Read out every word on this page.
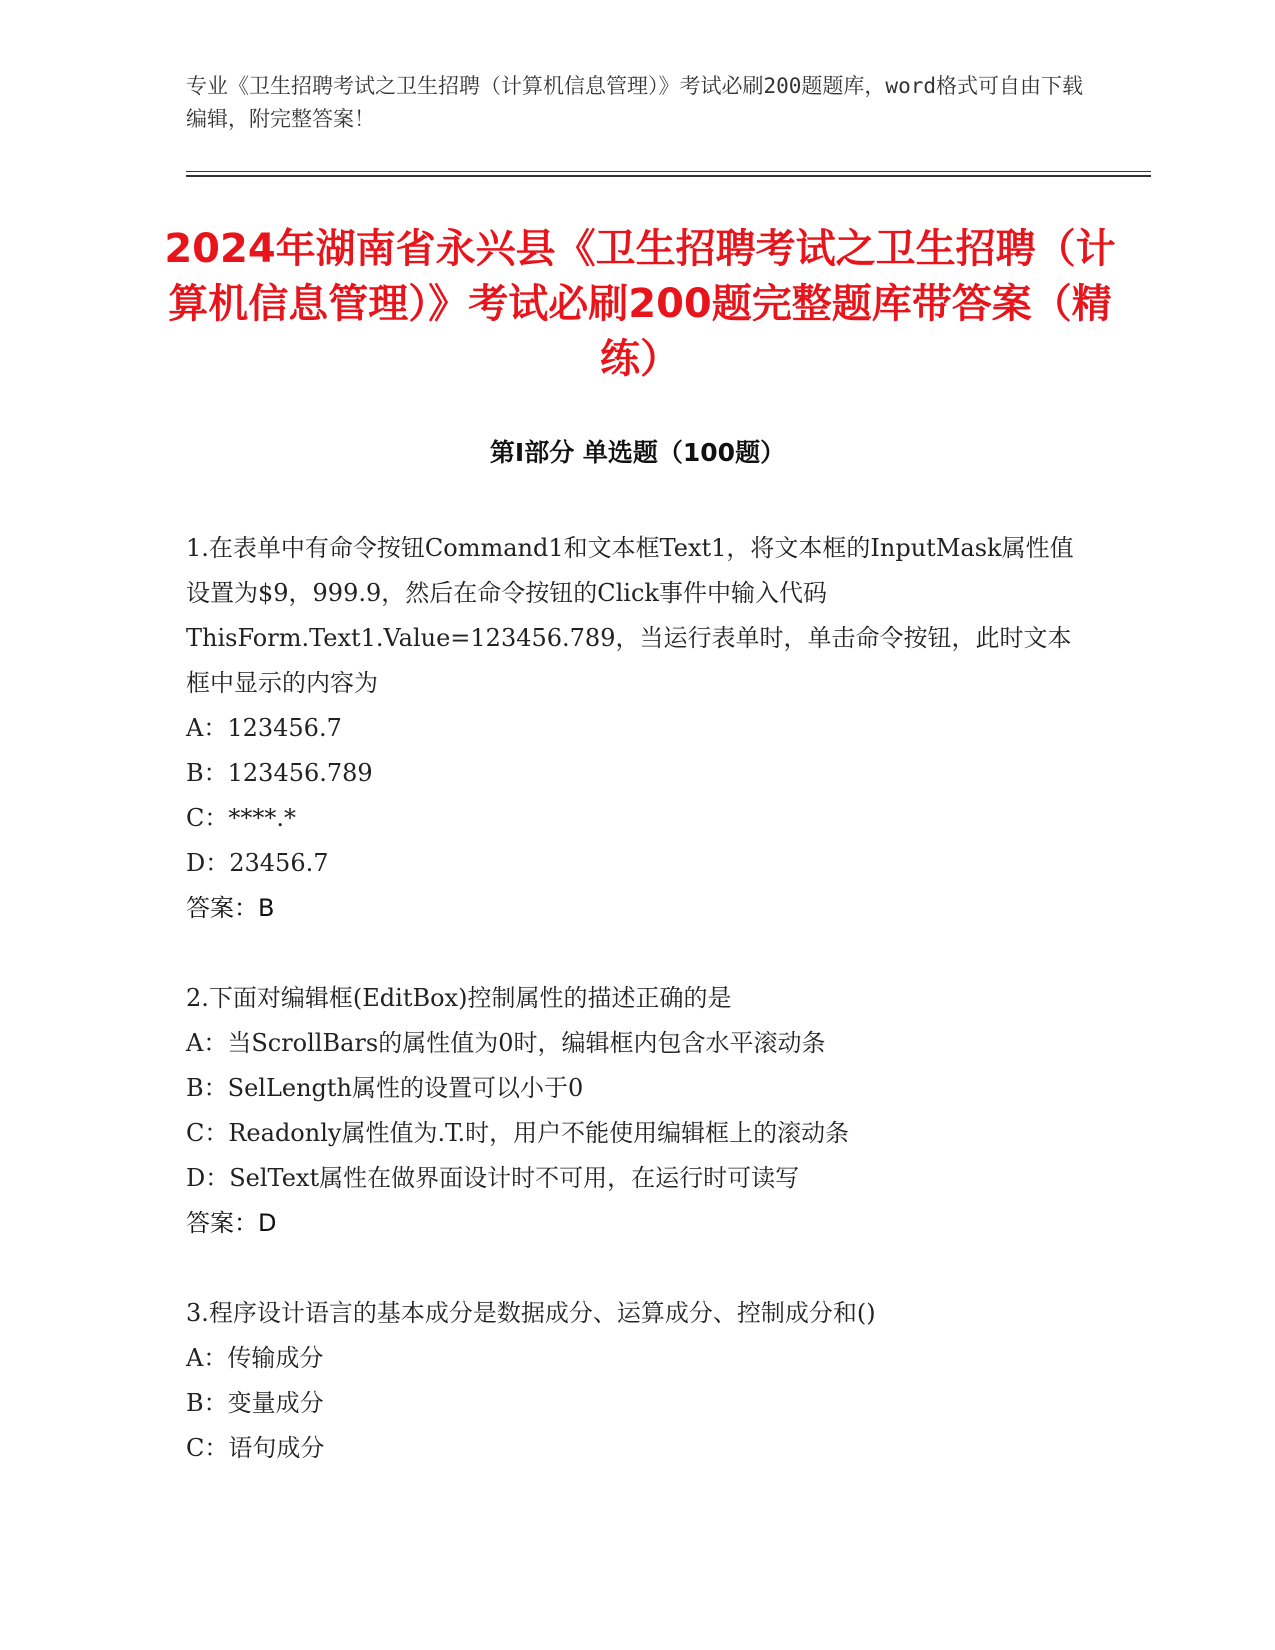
专业《卫生招聘考试之卫生招聘（计算机信息管理）》考试必刷200题题库，word格式可自由下载编辑，附完整答案！
2024年湖南省永兴县《卫生招聘考试之卫生招聘（计算机信息管理）》考试必刷200题完整题库带答案（精练）
第Ⅰ部分 单选题（100题）
1.在表单中有命令按钮Command1和文本框Text1，将文本框的InputMask属性值设置为$9，999.9，然后在命令按钮的Click事件中输入代码ThisForm.Text1.Value=123456.789，当运行表单时，单击命令按钮，此时文本框中显示的内容为
A：123456.7
B：123456.789
C：****.*
D：23456.7
答案：B
2.下面对编辑框(EditBox)控制属性的描述正确的是
A：当ScrollBars的属性值为0时，编辑框内包含水平滚动条
B：SelLength属性的设置可以小于0
C：Readonly属性值为.T.时，用户不能使用编辑框上的滚动条
D：SelText属性在做界面设计时不可用，在运行时可读写
答案：D
3.程序设计语言的基本成分是数据成分、运算成分、控制成分和()
A：传输成分
B：变量成分
C：语句成分
